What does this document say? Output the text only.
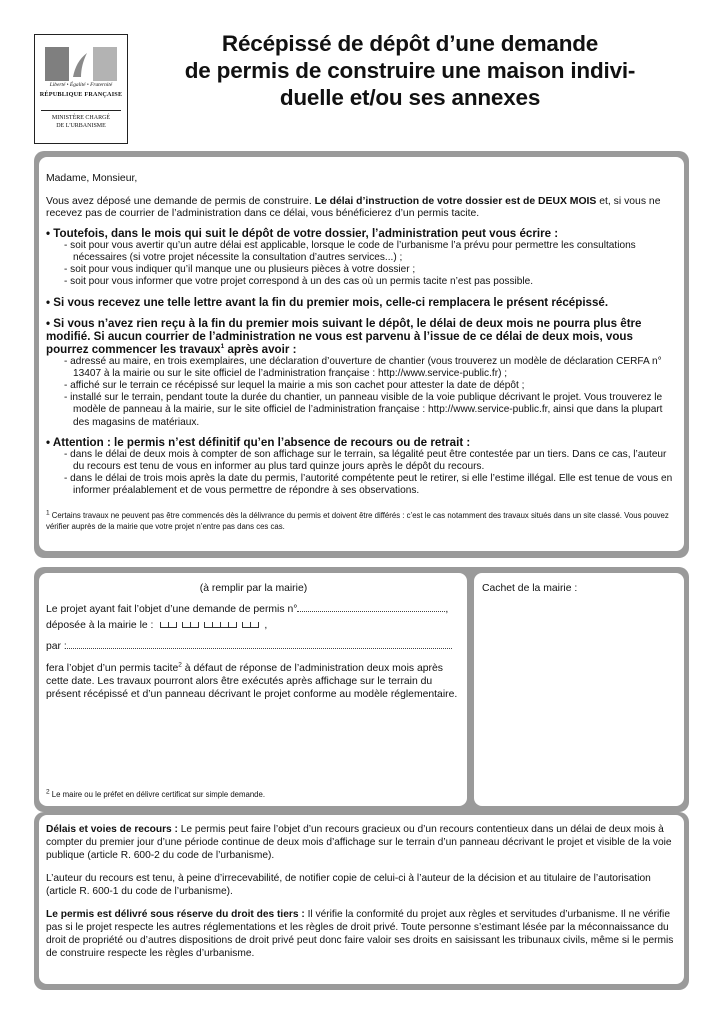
Liberté • Égalité • Fraternité
RÉPUBLIQUE FRANÇAISE
MINISTÈRE CHARGÉ
DE L'URBANISME
Récépissé de dépôt d’une demande
de permis de construire une maison indivi-
duelle et/ou ses annexes

Madame, Monsieur,

Vous avez déposé une demande de permis de construire. Le délai d’instruction de votre dossier est de DEUX MOIS et, si vous ne recevez pas de courrier de l’administration dans ce délai, vous bénéficierez d’un permis tacite.

• Toutefois, dans le mois qui suit le dépôt de votre dossier, l’administration peut vous écrire :
- soit pour vous avertir qu’un autre délai est applicable, lorsque le code de l’urbanisme l’a prévu pour permettre les consultations nécessaires (si votre projet nécessite la consultation d’autres services...) ;
- soit pour vous indiquer qu’il manque une ou plusieurs pièces à votre dossier ;
- soit pour vous informer que votre projet correspond à un des cas où un permis tacite n’est pas possible.
• Si vous recevez une telle lettre avant la fin du premier mois, celle-ci remplacera le présent récépissé.
• Si vous n’avez rien reçu à la fin du premier mois suivant le dépôt, le délai de deux mois ne pourra plus être modifié. Si aucun courrier de l’administration ne vous est parvenu à l’issue de ce délai de deux mois, vous pourrez commencer les travaux$^1$ après avoir :
- adressé au maire, en trois exemplaires, une déclaration d’ouverture de chantier (vous trouverez un modèle de déclaration CERFA n° 13407 à la mairie ou sur le site officiel de l’administration française : http://www.service-public.fr) ;
- affiché sur le terrain ce récépissé sur lequel la mairie a mis son cachet pour attester la date de dépôt ;
- installé sur le terrain, pendant toute la durée du chantier, un panneau visible de la voie publique décrivant le projet. Vous trouverez le modèle de panneau à la mairie, sur le site officiel de l’administration française : http://www.service-public.fr, ainsi que dans la plupart des magasins de matériaux.
• Attention : le permis n’est définitif qu’en l’absence de recours ou de retrait :
- dans le délai de deux mois à compter de son affichage sur le terrain, sa légalité peut être contestée par un tiers. Dans ce cas, l’auteur du recours est tenu de vous en informer au plus tard quinze jours après le dépôt du recours.
- dans le délai de trois mois après la date du permis, l’autorité compétente peut le retirer, si elle l’estime illégal. Elle est tenue de vous en informer préalablement et de vous permettre de répondre à ses observations.
$^1$ Certains travaux ne peuvent pas être commencés dès la délivrance du permis et doivent être différés : c’est le cas notamment des travaux situés dans un site classé. Vous pouvez vérifier auprès de la mairie que votre projet n’entre pas dans ces cas.
(à remplir par la mairie)
Le projet ayant fait l’objet d’une demande de permis n°	,
déposée à la mairie le :	,
par :

fera l’objet d’un permis tacite$^2$ à défaut de réponse de l’administration deux mois après cette date. Les travaux pourront alors être exécutés après affichage sur le terrain du présent récépissé et d’un panneau décrivant le projet conforme au modèle réglementaire.

$^2$ Le maire ou le préfet en délivre certificat sur simple demande.
Cachet de la mairie :

Délais et voies de recours : Le permis peut faire l’objet d’un recours gracieux ou d’un recours contentieux dans un délai de deux mois à compter du premier jour d’une période continue de deux mois d’affichage sur le terrain d’un panneau décrivant le projet et visible de la voie publique (article R. 600-2 du code de l’urbanisme).

L’auteur du recours est tenu, à peine d’irrecevabilité, de notifier copie de celui-ci à l’auteur de la décision et au titulaire de l’autorisation (article R. 600-1 du code de l’urbanisme).

Le permis est délivré sous réserve du droit des tiers : Il vérifie la conformité du projet aux règles et servitudes d’urbanisme. Il ne vérifie pas si le projet respecte les autres réglementations et les règles de droit privé. Toute personne s’estimant lésée par la méconnaissance du droit de propriété ou d’autres dispositions de droit privé peut donc faire valoir ses droits en saisissant les tribunaux civils, même si le permis de construire respecte les règles d’urbanisme.
